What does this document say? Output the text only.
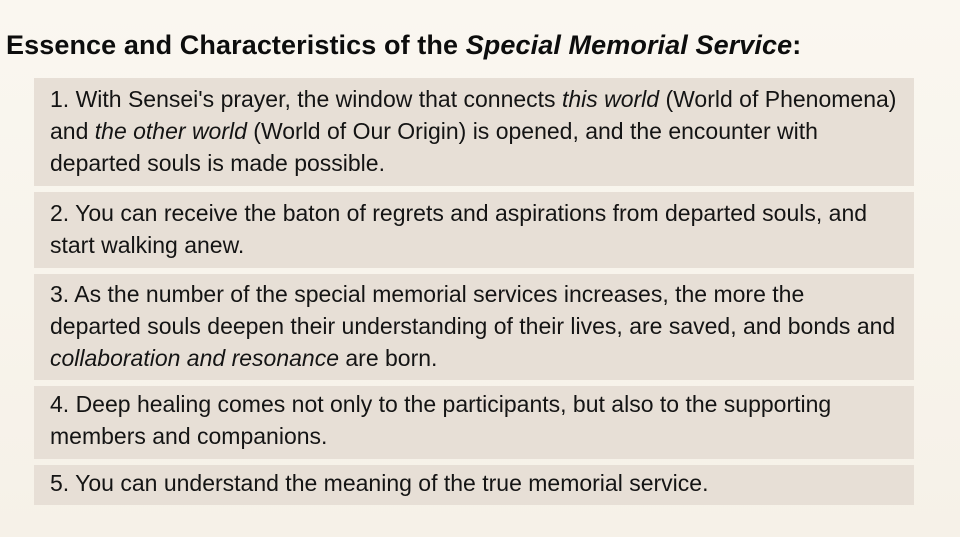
Essence and Characteristics of the Special Memorial Service:
1. With Sensei's prayer, the window that connects this world (World of Phenomena) and the other world (World of Our Origin) is opened, and the encounter with departed souls is made possible.
2. You can receive the baton of regrets and aspirations from departed souls, and start walking anew.
3. As the number of the special memorial services increases, the more the departed souls deepen their understanding of their lives, are saved, and bonds and collaboration and resonance are born.
4. Deep healing comes not only to the participants, but also to the supporting members and companions.
5. You can understand the meaning of the true memorial service.
